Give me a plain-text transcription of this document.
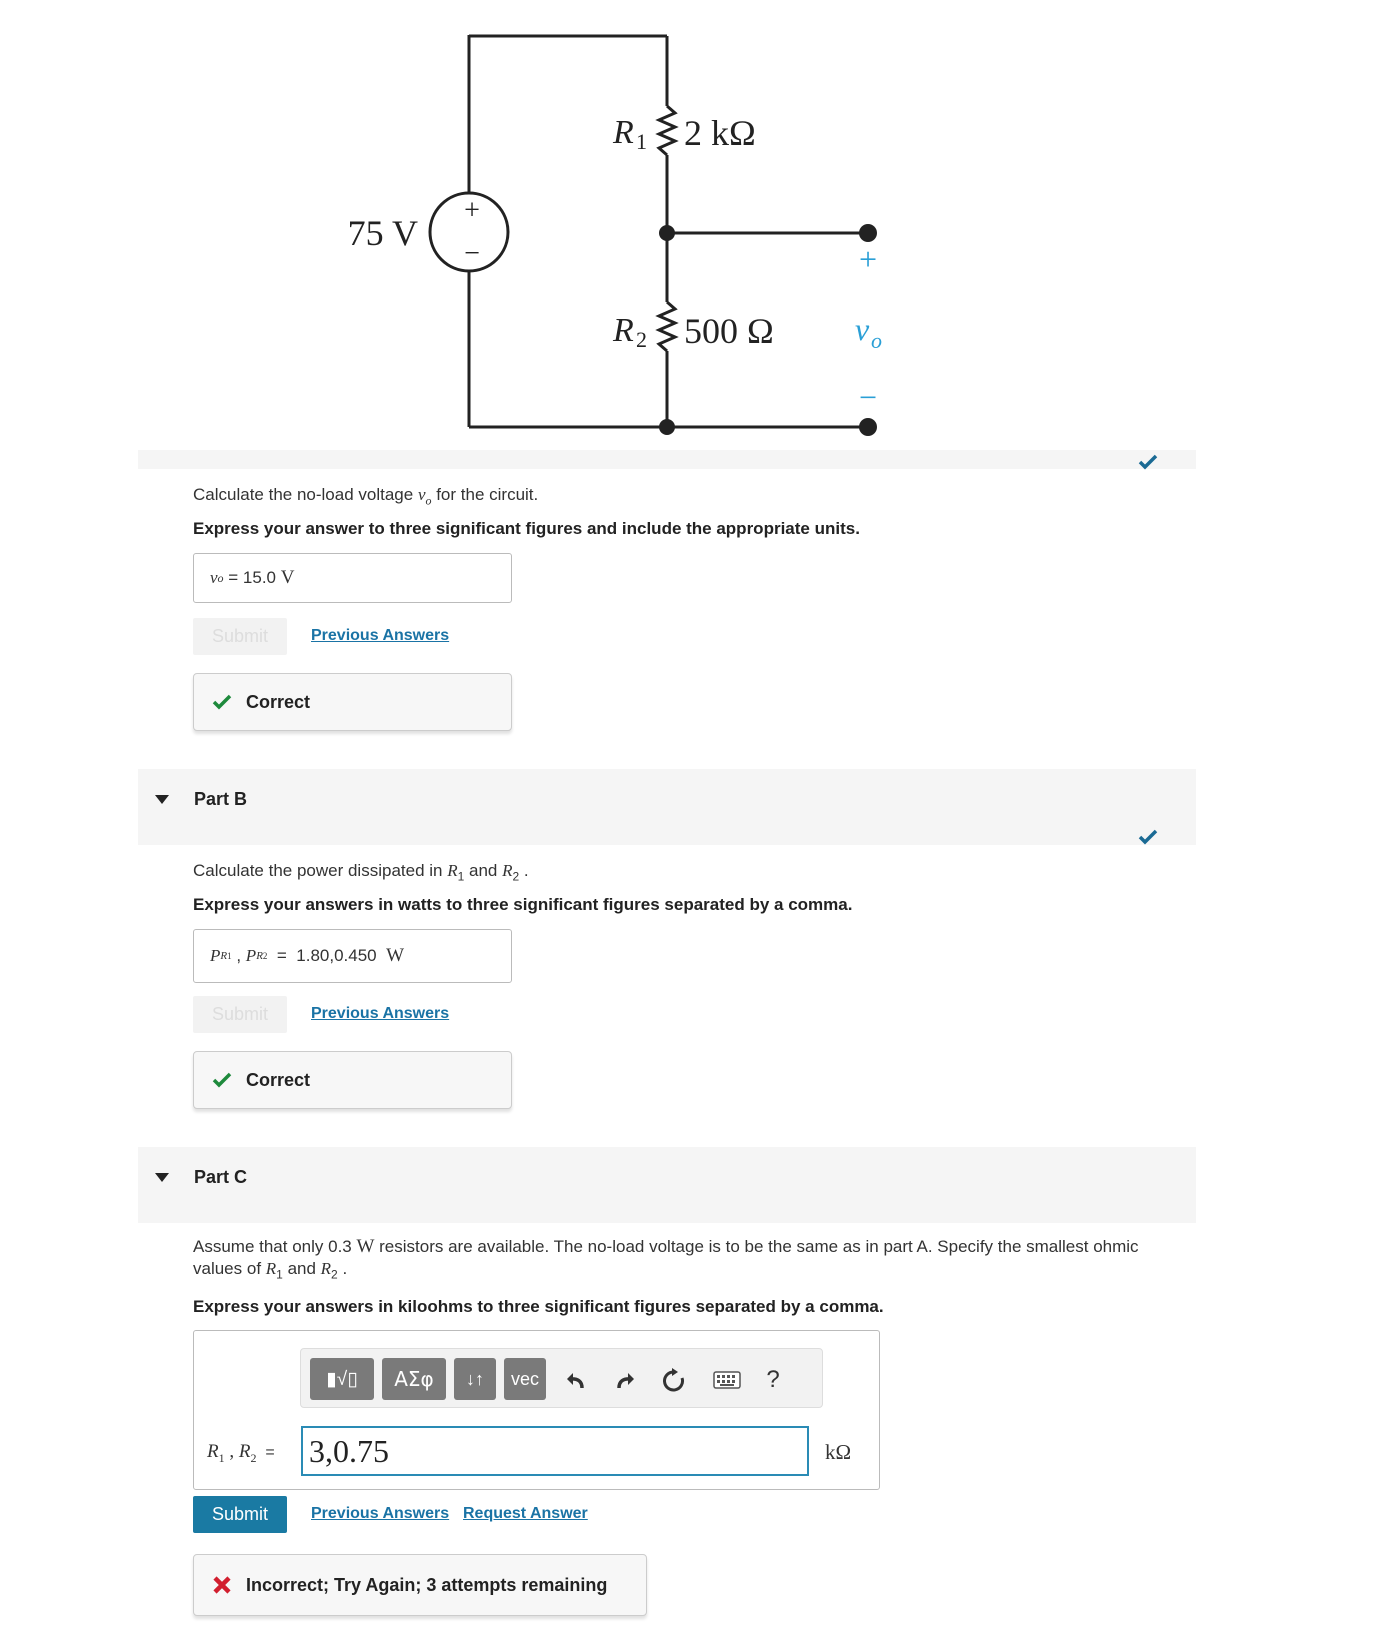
+
−
75 V
R 1 2 kΩ
R 2 500 Ω
+
v o
−
Calculate the no-load voltage $v_o$ for the circuit.
Express your answer to three significant figures and include the appropriate units.
v o = 15.0
V
Submit	Previous Answers
Correct
Part B
Calculate the power dissipated in $R_1$ and $R_2$ .
Express your answers in watts to three significant figures separated by a comma.
P R1 , P R2
=
1.80,0.450
W
Submit	Previous Answers
Correct
Part C
Assume that only 0.3 W resistors are available. The no-load voltage is to be the same as in part A. Specify the smallest ohmic
values of $R_1$ and $R_2$ .
Express your answers in kiloohms to three significant figures separated by a comma.
▮√▯	ΑΣφ	↓↑	vec	?
$R_1$ , $R_2 = 3,0.75$	kΩ
Submit	Previous Answers Request Answer
Incorrect; Try Again; 3 attempts remaining
